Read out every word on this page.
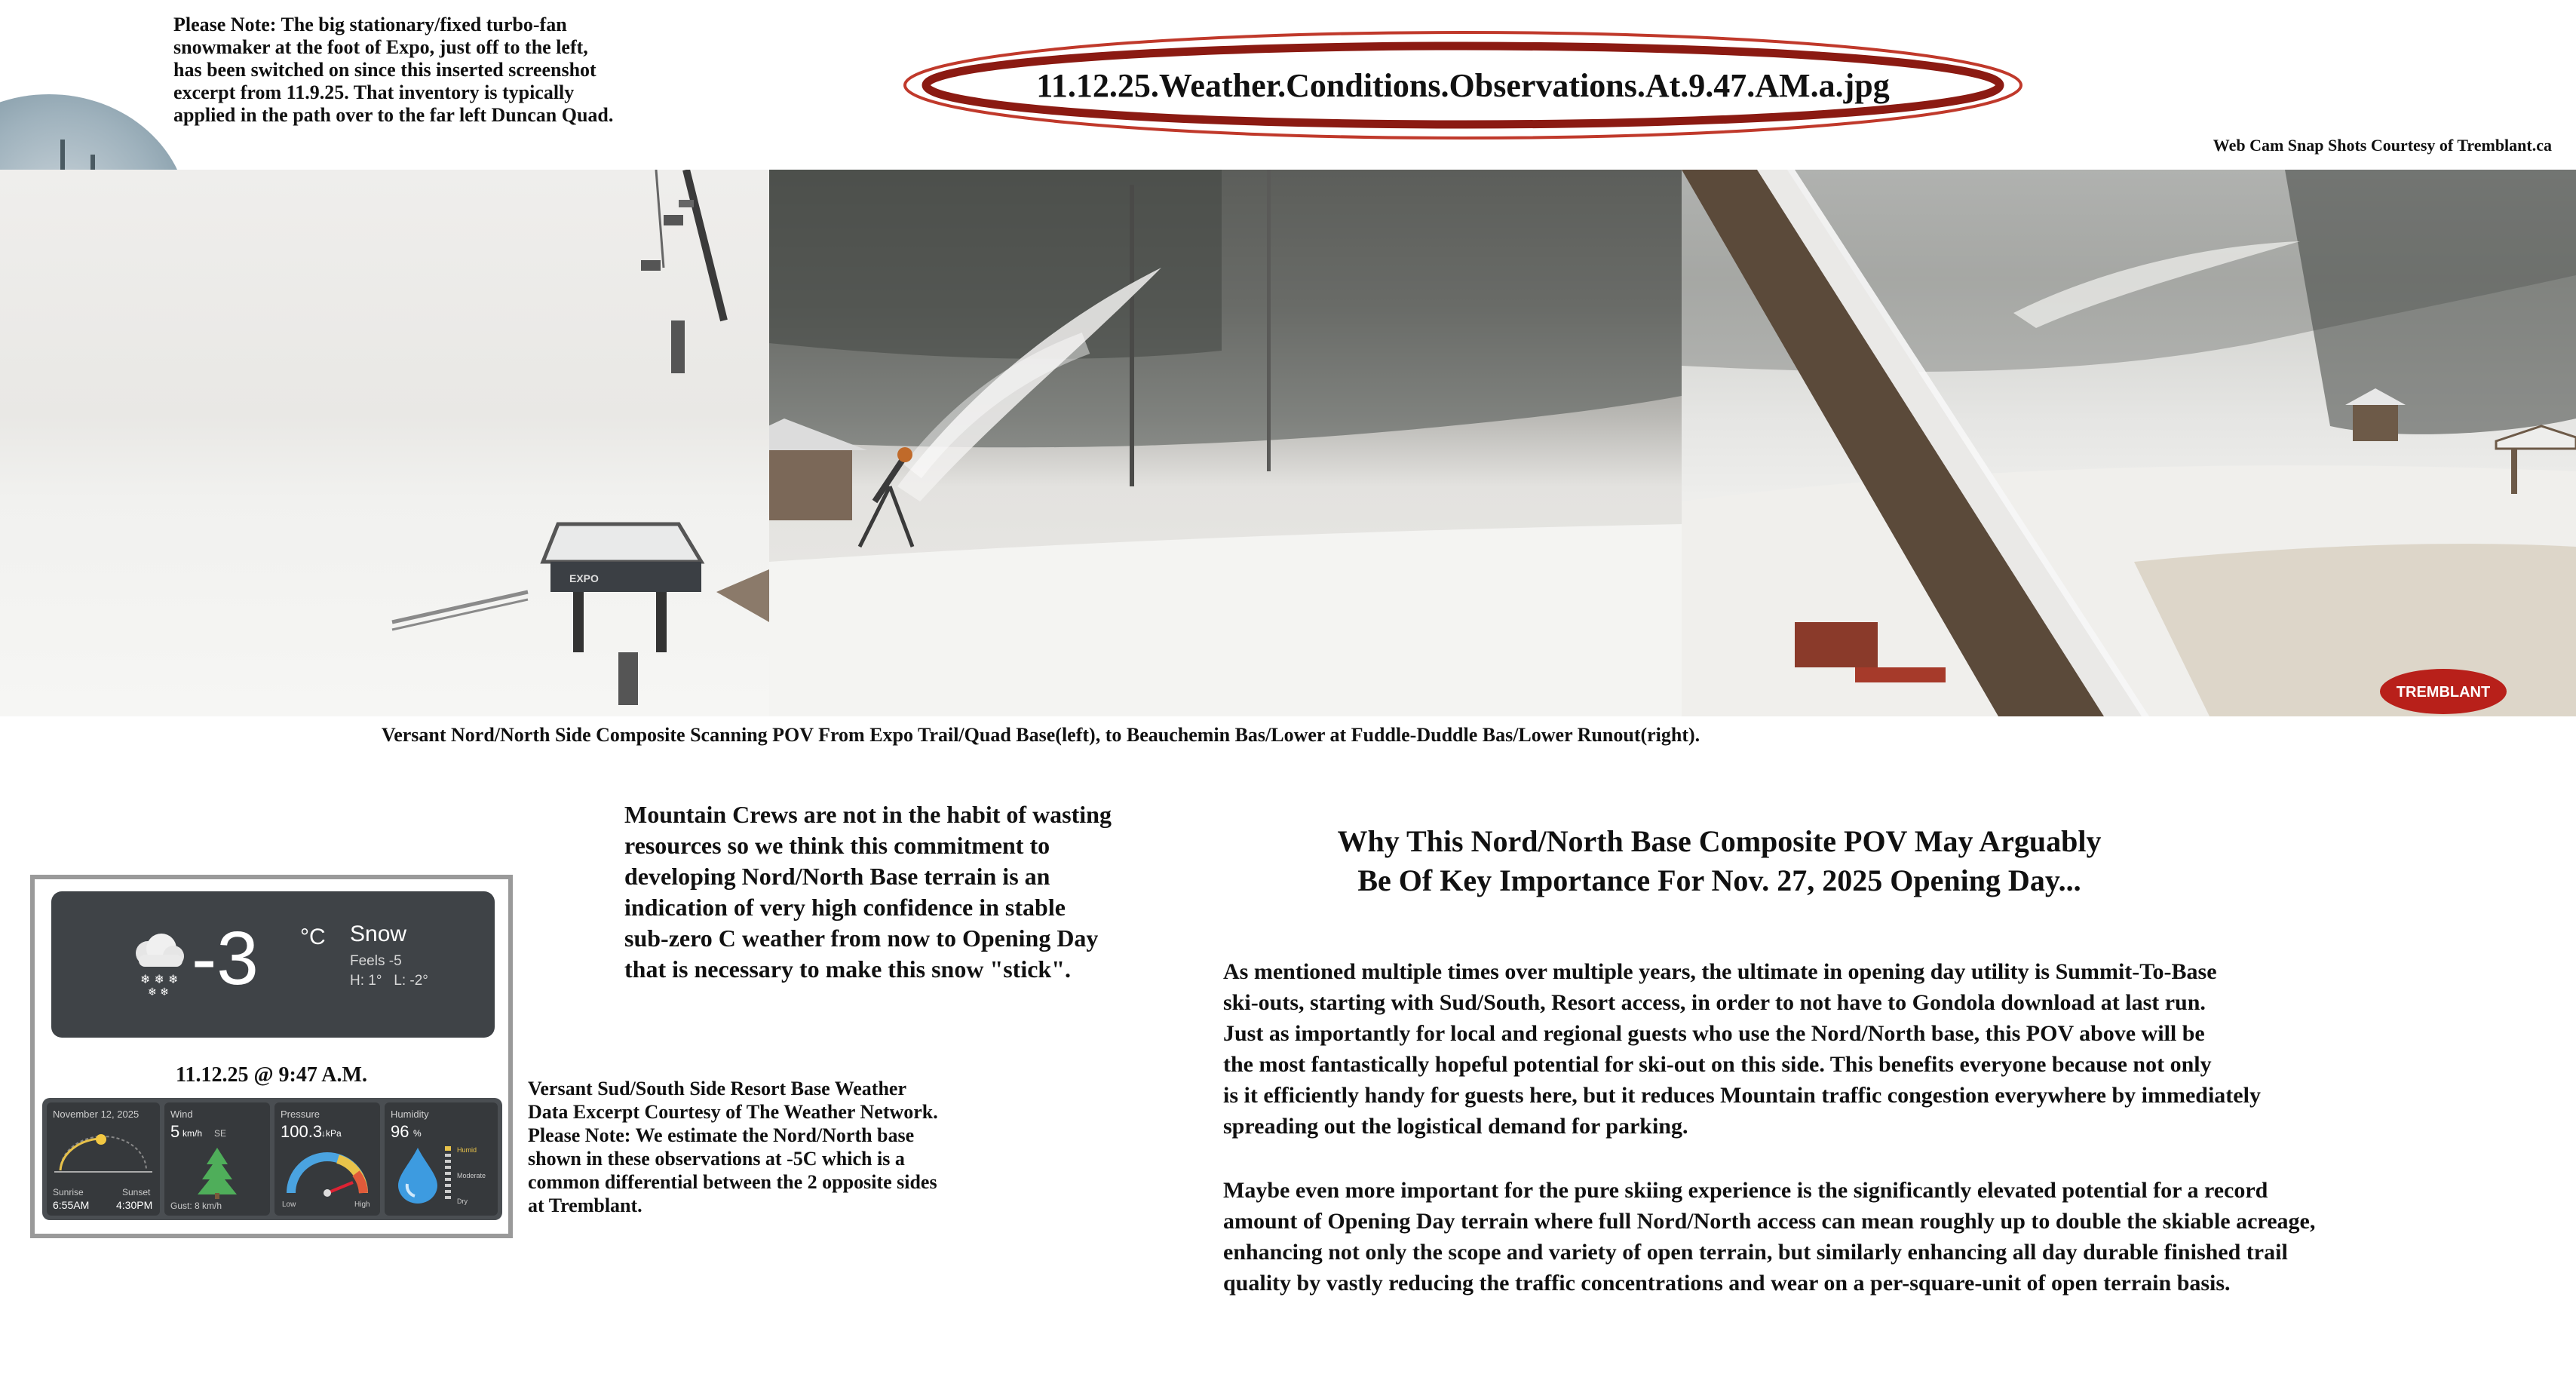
Please Note: The big stationary/fixed turbo-fan
snowmaker at the foot of Expo, just off to the left,
has been switched on since this inserted screenshot
excerpt from 11.9.25. That inventory is typically
applied in the path over to the far left Duncan Quad.
11.12.25.Weather.Conditions.Observations.At.9.47.AM.a.jpg
Web Cam Snap Shots Courtesy of Tremblant.ca
EXPO
TREMBLANT
Versant Nord/North Side Composite Scanning POV From Expo Trail/Quad Base(left), to Beauchemin Bas/Lower at Fuddle-Duddle Bas/Lower Runout(right).
❄ ❄ ❄
❄ ❄ -3 °C Snow
Feels -5
H: 1°   L: -2°
11.12.25 @ 9:47 A.M.
November 12, 2025
Sunrise
6:55AM
Sunset
4:30PM
Wind
5 km/h SE
Gust: 8 km/h
Pressure
100.3
↓kPa
Low	High
Humidity
96 %
Humid
Moderate
Dry
Mountain Crews are not in the habit of wasting
resources so we think this commitment to
developing Nord/North Base terrain is an
indication of very high confidence in stable
sub-zero C weather from now to Opening Day
that is necessary to make this snow "stick".
Versant Sud/South Side Resort Base Weather
Data Excerpt Courtesy of The Weather Network.
Please Note: We estimate the Nord/North base
shown in these observations at -5C which is a
common differential between the 2 opposite sides
at Tremblant.
Why This Nord/North Base Composite POV May Arguably
Be Of Key Importance For Nov. 27, 2025 Opening Day...
As mentioned multiple times over multiple years, the ultimate in opening day utility is Summit-To-Base
ski-outs, starting with Sud/South, Resort access, in order to not have to Gondola download at last run.
Just as importantly for local and regional guests who use the Nord/North base, this POV above will be
the most fantastically hopeful potential for ski-out on this side. This benefits everyone because not only
is it efficiently handy for guests here, but it reduces Mountain traffic congestion everywhere by immediately
spreading out the logistical demand for parking.
Maybe even more important for the pure skiing experience is the significantly elevated potential for a record
amount of Opening Day terrain where full Nord/North access can mean roughly up to double the skiable acreage,
enhancing not only the scope and variety of open terrain, but similarly enhancing all day durable finished trail
quality by vastly reducing the traffic concentrations and wear on a per-square-unit of open terrain basis.
